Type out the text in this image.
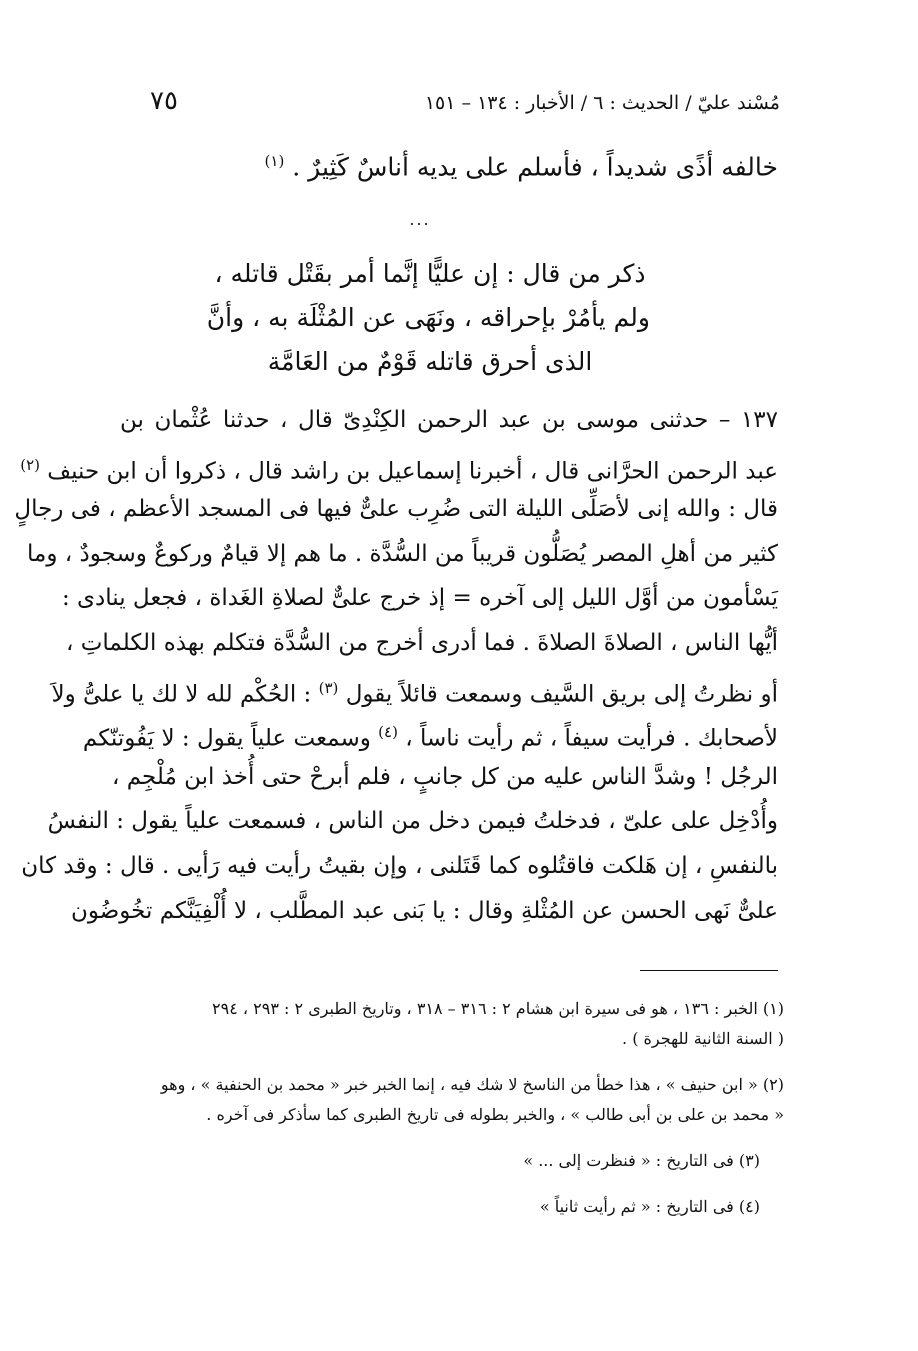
مُسْند عليّ / الحديث : ٦ / الأخبار : ١٣٤ – ١٥١
٧٥
خالفه أذًى شديداً ، فأسلم على يديه أناسٌ كَثِيرٌ . $^{(١)}$
...
ذكر من قال : إن عليًّا إنَّما أمر بقَتْل قاتله ،
ولم يأمُرْ بإحراقه ، ونَهَى عن المُثْلَة به ، وأنَّ
الذى أحرق قاتله قَوْمٌ من العَامَّة
١٣٧ – حدثنى موسى بن عبد الرحمن الكِنْدِىّ قال ، حدثنا عُثْمان بن
عبد الرحمن الحرَّانى قال ، أخبرنا إسماعيل بن راشد قال ، ذكروا أن ابن حنيف $^{(٢)}$
قال : والله إنى لأصَلِّى الليلة التى ضُرِب علىٌّ فيها فى المسجد الأعظم ، فى رجالٍ
كثير من أهلِ المصر يُصَلُّون قريباً من السُّدَّة . ما هم إلا قيامٌ وركوعٌ وسجودٌ ، وما
يَسْأمون من أوَّل الليل إلى آخره = إذ خرج علىٌّ لصلاةِ الغَداة ، فجعل ينادى :
أيُّها الناس ، الصلاةَ الصلاةَ . فما أدرى أخرج من السُّدَّة فتكلم بهذه الكلماتِ ،
أو نظرتُ إلى بريق السَّيف وسمعت قائلاً يقول $^{(٣)}$ : الحُكْم لله لا لك يا علىُّ ولاَ
لأصحابك . فرأيت سيفاً ، ثم رأيت ناساً ، $^{(٤)}$ وسمعت علياً يقول : لا يَفُوتنّكم
الرجُل ! وشدَّ الناس عليه من كل جانبٍ ، فلم أبرحْ حتى أُخذ ابن مُلْجِم ،
وأُدْخِل على علىّ ، فدخلتُ فيمن دخل من الناس ، فسمعت علياً يقول : النفسُ
بالنفسِ ، إن هَلكت فاقتُلوه كما قَتَلنى ، وإن بقيتُ رأيت فيه رَأيى . قال : وقد كان
علىٌّ نَهى الحسن عن المُثْلةِ وقال : يا بَنى عبد المطَّلب ، لا أُلْفِيَنَّكم تخُوضُون
(١) الخبر : ١٣٦ ، هو فى سيرة ابن هشام ٢ : ٣١٦ – ٣١٨ ، وتاريخ الطبرى ٢ : ٢٩٣ ، ٢٩٤
( السنة الثانية للهجرة ) .
(٢) « ابن حنيف » ، هذا خطأ من الناسخ لا شك فيه ، إنما الخبر خبر « محمد بن الحنفية » ، وهو
« محمد بن على بن أبى طالب » ، والخبر بطوله فى تاريخ الطبرى كما سأذكر فى آخره .
(٣) فى التاريخ : « فنظرت إلى ... »
(٤) فى التاريخ : « ثم رأيت ثانياً »
